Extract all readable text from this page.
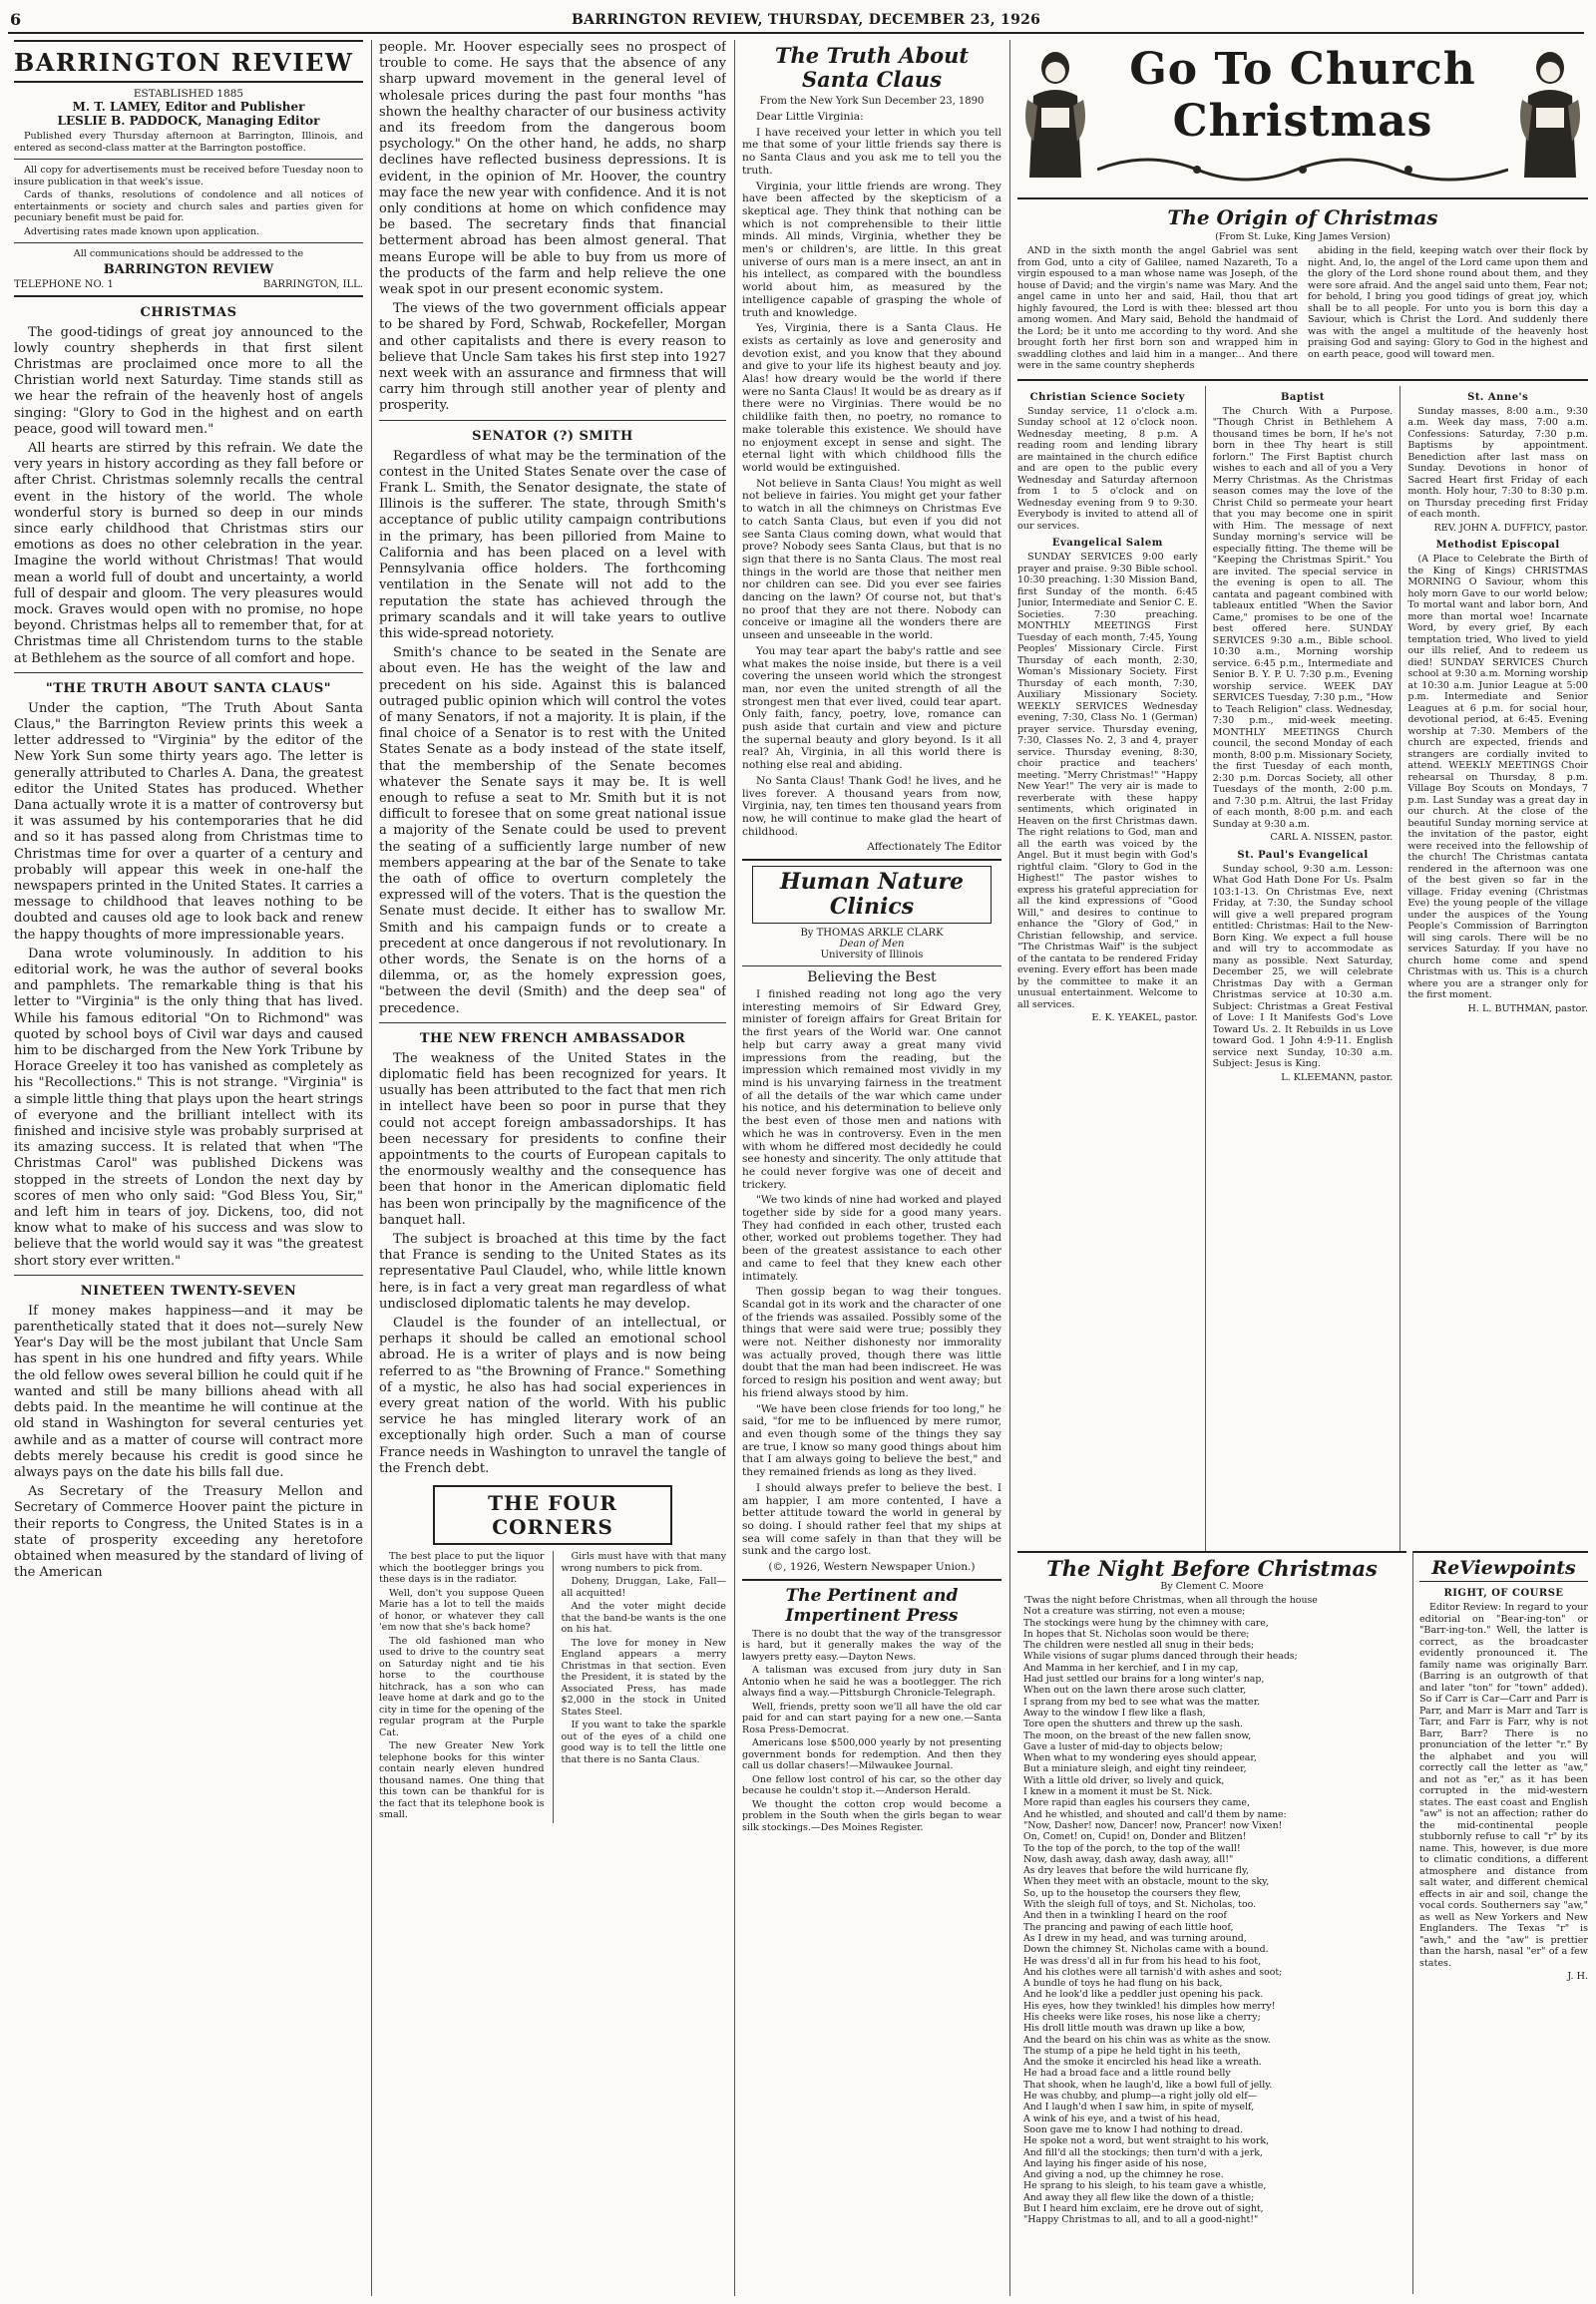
6	BARRINGTON REVIEW, THURSDAY, DECEMBER 23, 1926
BARRINGTON REVIEW
ESTABLISHED 1885
M. T. LAMEY, Editor and Publisher
LESLIE B. PADDOCK, Managing Editor

Published every Thursday afternoon at Barrington, Illinois, and entered as second-class matter at the Barrington postoffice.

All copy for advertisements must be received before Tuesday noon to insure publication in that week's issue.

Cards of thanks, resolutions of condolence and all notices of entertainments or society and church sales and parties given for pecuniary benefit must be paid for.

Advertising rates made known upon application.

All communications should be addressed to the

BARRINGTON REVIEW
TELEPHONE NO. 1	BARRINGTON, ILL.
CHRISTMAS

The good-tidings of great joy announced to the lowly country shepherds in that first silent Christmas are proclaimed once more to all the Christian world next Saturday. Time stands still as we hear the refrain of the heavenly host of angels singing: "Glory to God in the highest and on earth peace, good will toward men."

All hearts are stirred by this refrain. We date the very years in history according as they fall before or after Christ. Christmas solemnly recalls the central event in the history of the world. The whole wonderful story is burned so deep in our minds since early childhood that Christmas stirs our emotions as does no other celebration in the year. Imagine the world without Christmas! That would mean a world full of doubt and uncertainty, a world full of despair and gloom. The very pleasures would mock. Graves would open with no promise, no hope beyond. Christmas helps all to remember that, for at Christmas time all Christendom turns to the stable at Bethlehem as the source of all comfort and hope.

"THE TRUTH ABOUT SANTA CLAUS"

Under the caption, "The Truth About Santa Claus," the Barrington Review prints this week a letter addressed to "Virginia" by the editor of the New York Sun some thirty years ago. The letter is generally attributed to Charles A. Dana, the greatest editor the United States has produced. Whether Dana actually wrote it is a matter of controversy but it was assumed by his contemporaries that he did and so it has passed along from Christmas time to Christmas time for over a quarter of a century and probably will appear this week in one-half the newspapers printed in the United States. It carries a message to childhood that leaves nothing to be doubted and causes old age to look back and renew the happy thoughts of more impressionable years.

Dana wrote voluminously. In addition to his editorial work, he was the author of several books and pamphlets. The remarkable thing is that his letter to "Virginia" is the only thing that has lived. While his famous editorial "On to Richmond" was quoted by school boys of Civil war days and caused him to be discharged from the New York Tribune by Horace Greeley it too has vanished as completely as his "Recollections." This is not strange. "Virginia" is a simple little thing that plays upon the heart strings of everyone and the brilliant intellect with its finished and incisive style was probably surprised at its amazing success. It is related that when "The Christmas Carol" was published Dickens was stopped in the streets of London the next day by scores of men who only said: "God Bless You, Sir," and left him in tears of joy. Dickens, too, did not know what to make of his success and was slow to believe that the world would say it was "the greatest short story ever written."

NINETEEN TWENTY-SEVEN

If money makes happiness—and it may be parenthetically stated that it does not—surely New Year's Day will be the most jubilant that Uncle Sam has spent in his one hundred and fifty years. While the old fellow owes several billion he could quit if he wanted and still be many billions ahead with all debts paid. In the meantime he will continue at the old stand in Washington for several centuries yet awhile and as a matter of course will contract more debts merely because his credit is good since he always pays on the date his bills fall due.

As Secretary of the Treasury Mellon and Secretary of Commerce Hoover paint the picture in their reports to Congress, the United States is in a state of prosperity exceeding any heretofore obtained when measured by the standard of living of the American

people. Mr. Hoover especially sees no prospect of trouble to come. He says that the absence of any sharp upward movement in the general level of wholesale prices during the past four months "has shown the healthy character of our business activity and its freedom from the dangerous boom psychology." On the other hand, he adds, no sharp declines have reflected business depressions. It is evident, in the opinion of Mr. Hoover, the country may face the new year with confidence. And it is not only conditions at home on which confidence may be based. The secretary finds that financial betterment abroad has been almost general. That means Europe will be able to buy from us more of the products of the farm and help relieve the one weak spot in our present economic system.

The views of the two government officials appear to be shared by Ford, Schwab, Rockefeller, Morgan and other capitalists and there is every reason to believe that Uncle Sam takes his first step into 1927 next week with an assurance and firmness that will carry him through still another year of plenty and prosperity.

SENATOR (?) SMITH

Regardless of what may be the termination of the contest in the United States Senate over the case of Frank L. Smith, the Senator designate, the state of Illinois is the sufferer. The state, through Smith's acceptance of public utility campaign contributions in the primary, has been pilloried from Maine to California and has been placed on a level with Pennsylvania office holders. The forthcoming ventilation in the Senate will not add to the reputation the state has achieved through the primary scandals and it will take years to outlive this wide-spread notoriety.

Smith's chance to be seated in the Senate are about even. He has the weight of the law and precedent on his side. Against this is balanced outraged public opinion which will control the votes of many Senators, if not a majority. It is plain, if the final choice of a Senator is to rest with the United States Senate as a body instead of the state itself, that the membership of the Senate becomes whatever the Senate says it may be. It is well enough to refuse a seat to Mr. Smith but it is not difficult to foresee that on some great national issue a majority of the Senate could be used to prevent the seating of a sufficiently large number of new members appearing at the bar of the Senate to take the oath of office to overturn completely the expressed will of the voters. That is the question the Senate must decide. It either has to swallow Mr. Smith and his campaign funds or to create a precedent at once dangerous if not revolutionary. In other words, the Senate is on the horns of a dilemma, or, as the homely expression goes, "between the devil (Smith) and the deep sea" of precedence.

THE NEW FRENCH AMBASSADOR

The weakness of the United States in the diplomatic field has been recognized for years. It usually has been attributed to the fact that men rich in intellect have been so poor in purse that they could not accept foreign ambassadorships. It has been necessary for presidents to confine their appointments to the courts of European capitals to the enormously wealthy and the consequence has been that honor in the American diplomatic field has been won principally by the magnificence of the banquet hall.

The subject is broached at this time by the fact that France is sending to the United States as its representative Paul Claudel, who, while little known here, is in fact a very great man regardless of what undisclosed diplomatic talents he may develop.

Claudel is the founder of an intellectual, or perhaps it should be called an emotional school abroad. He is a writer of plays and is now being referred to as "the Browning of France." Something of a mystic, he also has had social experiences in every great nation of the world. With his public service he has mingled literary work of an exceptionally high order. Such a man of course France needs in Washington to unravel the tangle of the French debt.

THE FOUR CORNERS

The best place to put the liquor which the bootlegger brings you these days is in the radiator.

Well, don't you suppose Queen Marie has a lot to tell the maids of honor, or whatever they call 'em now that she's back home?

The old fashioned man who used to drive to the country seat on Saturday night and tie his horse to the courthouse hitchrack, has a son who can leave home at dark and go to the city in time for the opening of the regular program at the Purple Cat.

The new Greater New York telephone books for this winter contain nearly eleven hundred thousand names. One thing that this town can be thankful for is the fact that its telephone book is small.

Girls must have with that many wrong numbers to pick from.

Doheny, Druggan, Lake, Fall—all acquitted!

And the voter might decide that the band-be wants is the one on his hat.

The love for money in New England appears a merry Christmas in that section. Even the President, it is stated by the Associated Press, has made $2,000 in the stock in United States Steel.

If you want to take the sparkle out of the eyes of a child one good way is to tell the little one that there is no Santa Claus.

The Truth About Santa Claus
From the New York Sun December 23, 1890

Dear Little Virginia:

I have received your letter in which you tell me that some of your little friends say there is no Santa Claus and you ask me to tell you the truth.

Virginia, your little friends are wrong. They have been affected by the skepticism of a skeptical age. They think that nothing can be which is not comprehensible to their little minds. All minds, Virginia, whether they be men's or children's, are little. In this great universe of ours man is a mere insect, an ant in his intellect, as compared with the boundless world about him, as measured by the intelligence capable of grasping the whole of truth and knowledge.

Yes, Virginia, there is a Santa Claus. He exists as certainly as love and generosity and devotion exist, and you know that they abound and give to your life its highest beauty and joy. Alas! how dreary would be the world if there were no Santa Claus! It would be as dreary as if there were no Virginias. There would be no childlike faith then, no poetry, no romance to make tolerable this existence. We should have no enjoyment except in sense and sight. The eternal light with which childhood fills the world would be extinguished.

Not believe in Santa Claus! You might as well not believe in fairies. You might get your father to watch in all the chimneys on Christmas Eve to catch Santa Claus, but even if you did not see Santa Claus coming down, what would that prove? Nobody sees Santa Claus, but that is no sign that there is no Santa Claus. The most real things in the world are those that neither men nor children can see. Did you ever see fairies dancing on the lawn? Of course not, but that's no proof that they are not there. Nobody can conceive or imagine all the wonders there are unseen and unseeable in the world.

You may tear apart the baby's rattle and see what makes the noise inside, but there is a veil covering the unseen world which the strongest man, nor even the united strength of all the strongest men that ever lived, could tear apart. Only faith, fancy, poetry, love, romance can push aside that curtain and view and picture the supernal beauty and glory beyond. Is it all real? Ah, Virginia, in all this world there is nothing else real and abiding.

No Santa Claus! Thank God! he lives, and he lives forever. A thousand years from now, Virginia, nay, ten times ten thousand years from now, he will continue to make glad the heart of childhood.

Affectionately The Editor

Human Nature Clinics
By THOMAS ARKLE CLARK
Dean of Men
University of Illinois
Believing the Best

I finished reading not long ago the very interesting memoirs of Sir Edward Grey, minister of foreign affairs for Great Britain for the first years of the World war. One cannot help but carry away a great many vivid impressions from the reading, but the impression which remained most vividly in my mind is his unvarying fairness in the treatment of all the details of the war which came under his notice, and his determination to believe only the best even of those men and nations with which he was in controversy. Even in the men with whom he differed most decidedly he could see honesty and sincerity. The only attitude that he could never forgive was one of deceit and trickery.

"We two kinds of nine had worked and played together side by side for a good many years. They had confided in each other, trusted each other, worked out problems together. They had been of the greatest assistance to each other and came to feel that they knew each other intimately.

Then gossip began to wag their tongues. Scandal got in its work and the character of one of the friends was assailed. Possibly some of the things that were said were true; possibly they were not. Neither dishonesty nor immorality was actually proved, though there was little doubt that the man had been indiscreet. He was forced to resign his position and went away; but his friend always stood by him.

"We have been close friends for too long," he said, "for me to be influenced by mere rumor, and even though some of the things they say are true, I know so many good things about him that I am always going to believe the best," and they remained friends as long as they lived.

I should always prefer to believe the best. I am happier, I am more contented, I have a better attitude toward the world in general by so doing. I should rather feel that my ships at sea will come safely in than that they will be sunk and the cargo lost.

(©, 1926, Western Newspaper Union.)

The Pertinent and Impertinent Press

There is no doubt that the way of the transgressor is hard, but it generally makes the way of the lawyers pretty easy.—Dayton News.

A talisman was excused from jury duty in San Antonio when he said he was a bootlegger. The rich always find a way.—Pittsburgh Chronicle-Telegraph.

Well, friends, pretty soon we'll all have the old car paid for and can start paying for a new one.—Santa Rosa Press-Democrat.

Americans lose $500,000 yearly by not presenting government bonds for redemption. And then they call us dollar chasers!—Milwaukee Journal.

One fellow lost control of his car, so the other day because he couldn't stop it.—Anderson Herald.

We thought the cotton crop would become a problem in the South when the girls began to wear silk stockings.—Des Moines Register.

Go To Church Christmas
The Origin of Christmas
(From St. Luke, King James Version)

AND in the sixth month the angel Gabriel was sent from God, unto a city of Galilee, named Nazareth, To a virgin espoused to a man whose name was Joseph, of the house of David; and the virgin's name was Mary. And the angel came in unto her and said, Hail, thou that art highly favoured, the Lord is with thee: blessed art thou among women. And Mary said, Behold the handmaid of the Lord; be it unto me according to thy word. And she brought forth her first born son and wrapped him in swaddling clothes and laid him in a manger... And there were in the same country shepherds

abiding in the field, keeping watch over their flock by night. And, lo, the angel of the Lord came upon them and the glory of the Lord shone round about them, and they were sore afraid. And the angel said unto them, Fear not; for behold, I bring you good tidings of great joy, which shall be to all people. For unto you is born this day a Saviour, which is Christ the Lord. And suddenly there was with the angel a multitude of the heavenly host praising God and saying: Glory to God in the highest and on earth peace, good will toward men.

Christian Science Society

Sunday service, 11 o'clock a.m. Sunday school at 12 o'clock noon. Wednesday meeting, 8 p.m. A reading room and lending library are maintained in the church edifice and are open to the public every Wednesday and Saturday afternoon from 1 to 5 o'clock and on Wednesday evening from 9 to 9:30. Everybody is invited to attend all of our services.

Evangelical Salem

SUNDAY SERVICES 9:00 early prayer and praise. 9:30 Bible school. 10:30 preaching. 1:30 Mission Band, first Sunday of the month. 6:45 Junior, Intermediate and Senior C. E. Societies. 7:30 preaching. MONTHLY MEETINGS First Tuesday of each month, 7:45, Young Peoples' Missionary Circle. First Thursday of each month, 2:30, Woman's Missionary Society. First Thursday of each month, 7:30, Auxiliary Missionary Society. WEEKLY SERVICES Wednesday evening, 7:30, Class No. 1 (German) prayer service. Thursday evening, 7:30, Classes No. 2, 3 and 4, prayer service. Thursday evening, 8:30, choir practice and teachers' meeting. "Merry Christmas!" "Happy New Year!" The very air is made to reverberate with these happy sentiments, which originated in Heaven on the first Christmas dawn. The right relations to God, man and all the earth was voiced by the Angel. But it must begin with God's rightful claim. "Glory to God in the Highest!" The pastor wishes to express his grateful appreciation for all the kind expressions of "Good Will," and desires to continue to enhance the "Glory of God," in Christian fellowship, and service. "The Christmas Waif" is the subject of the cantata to be rendered Friday evening. Every effort has been made by the committee to make it an unusual entertainment. Welcome to all services.

E. K. YEAKEL, pastor.

Baptist

The Church With a Purpose. "Though Christ in Bethlehem A thousand times be born, If he's not born in thee Thy heart is still forlorn." The First Baptist church wishes to each and all of you a Very Merry Christmas. As the Christmas season comes may the love of the Christ Child so permeate your heart that you may become one in spirit with Him. The message of next Sunday morning's service will be especially fitting. The theme will be "Keeping the Christmas Spirit." You are invited. The special service in the evening is open to all. The cantata and pageant combined with tableaux entitled "When the Savior Came," promises to be one of the best offered here. SUNDAY SERVICES 9:30 a.m., Bible school. 10:30 a.m., Morning worship service. 6:45 p.m., Intermediate and Senior B. Y. P. U. 7:30 p.m., Evening worship service. WEEK DAY SERVICES Tuesday, 7:30 p.m., "How to Teach Religion" class. Wednesday, 7:30 p.m., mid-week meeting. MONTHLY MEETINGS Church council, the second Monday of each month, 8:00 p.m. Missionary Society, the first Tuesday of each month, 2:30 p.m. Dorcas Society, all other Tuesdays of the month, 2:00 p.m. and 7:30 p.m. Altrui, the last Friday of each month, 8:00 p.m. and each Sunday at 9:30 a.m.

CARL A. NISSEN, pastor.

St. Paul's Evangelical

Sunday school, 9:30 a.m. Lesson: What God Hath Done For Us. Psalm 103:1-13. On Christmas Eve, next Friday, at 7:30, the Sunday school will give a well prepared program entitled: Christmas: Hail to the New-Born King. We expect a full house and will try to accommodate as many as possible. Next Saturday, December 25, we will celebrate Christmas Day with a German Christmas service at 10:30 a.m. Subject: Christmas a Great Festival of Love: I It Manifests God's Love Toward Us. 2. It Rebuilds in us Love toward God. 1 John 4:9-11. English service next Sunday, 10:30 a.m. Subject: Jesus is King.

L. KLEEMANN, pastor.

St. Anne's

Sunday masses, 8:00 a.m., 9:30 a.m. Week day mass, 7:00 a.m. Confessions: Saturday, 7:30 p.m. Baptisms by appointment. Benediction after last mass on Sunday. Devotions in honor of Sacred Heart first Friday of each month. Holy hour, 7:30 to 8:30 p.m. on Thursday preceding first Friday of each month.

REV. JOHN A. DUFFICY, pastor.

Methodist Episcopal

(A Place to Celebrate the Birth of the King of Kings) CHRISTMAS MORNING O Saviour, whom this holy morn Gave to our world below; To mortal want and labor born, And more than mortal woe! Incarnate Word, by every grief, By each temptation tried, Who lived to yield our ills relief, And to redeem us died! SUNDAY SERVICES Church school at 9:30 a.m. Morning worship at 10:30 a.m. Junior League at 5:00 p.m. Intermediate and Senior Leagues at 6 p.m. for social hour, devotional period, at 6:45. Evening worship at 7:30. Members of the church are expected, friends and strangers are cordially invited to attend. WEEKLY MEETINGS Choir rehearsal on Thursday, 8 p.m. Village Boy Scouts on Mondays, 7 p.m. Last Sunday was a great day in our church. At the close of the beautiful Sunday morning service at the invitation of the pastor, eight were received into the fellowship of the church! The Christmas cantata rendered in the afternoon was one of the best given so far in the village. Friday evening (Christmas Eve) the young people of the village under the auspices of the Young People's Commission of Barrington will sing carols. There will be no services Saturday. If you have no church home come and spend Christmas with us. This is a church where you are a stranger only for the first moment.

H. L. BUTHMAN, pastor.

The Night Before Christmas
By Clement C. Moore

'Twas the night before Christmas, when all through the house

Not a creature was stirring, not even a mouse;

The stockings were hung by the chimney with care,

In hopes that St. Nicholas soon would be there;

The children were nestled all snug in their beds;

While visions of sugar plums danced through their heads;

And Mamma in her kerchief, and I in my cap,

Had just settled our brains for a long winter's nap,

When out on the lawn there arose such clatter,

I sprang from my bed to see what was the matter.

Away to the window I flew like a flash,

Tore open the shutters and threw up the sash.

The moon, on the breast of the new fallen snow,

Gave a luster of mid-day to objects below;

When what to my wondering eyes should appear,

But a miniature sleigh, and eight tiny reindeer,

With a little old driver, so lively and quick,

I knew in a moment it must be St. Nick.

More rapid than eagles his coursers they came,

And he whistled, and shouted and call'd them by name:

"Now, Dasher! now, Dancer! now, Prancer! now Vixen!

On, Comet! on, Cupid! on, Donder and Blitzen!

To the top of the porch, to the top of the wall!

Now, dash away, dash away, dash away, all!"

As dry leaves that before the wild hurricane fly,

When they meet with an obstacle, mount to the sky,

So, up to the housetop the coursers they flew,

With the sleigh full of toys, and St. Nicholas, too.

And then in a twinkling I heard on the roof

The prancing and pawing of each little hoof,

As I drew in my head, and was turning around,

Down the chimney St. Nicholas came with a bound.

He was dress'd all in fur from his head to his foot,

And his clothes were all tarnish'd with ashes and soot;

A bundle of toys he had flung on his back,

And he look'd like a peddler just opening his pack.

His eyes, how they twinkled! his dimples how merry!

His cheeks were like roses, his nose like a cherry;

His droll little mouth was drawn up like a bow,

And the beard on his chin was as white as the snow.

The stump of a pipe he held tight in his teeth,

And the smoke it encircled his head like a wreath.

He had a broad face and a little round belly

That shook, when he laugh'd, like a bowl full of jelly.

He was chubby, and plump—a right jolly old elf—

And I laugh'd when I saw him, in spite of myself,

A wink of his eye, and a twist of his head,

Soon gave me to know I had nothing to dread.

He spoke not a word, but went straight to his work,

And fill'd all the stockings; then turn'd with a jerk,

And laying his finger aside of his nose,

And giving a nod, up the chimney he rose.

He sprang to his sleigh, to his team gave a whistle,

And away they all flew like the down of a thistle;

But I heard him exclaim, ere he drove out of sight,

"Happy Christmas to all, and to all a good-night!"

ReViewpoints
RIGHT, OF COURSE

Editor Review: In regard to your editorial on "Bear-ing-ton" or "Barr-ing-ton." Well, the latter is correct, as the broadcaster evidently pronounced it. The family name was originally Barr. (Barring is an outgrowth of that and later "ton" for "town" added). So if Carr is Car—Carr and Parr is Parr, and Marr is Marr and Tarr is Tarr, and Farr is Farr, why is not Barr, Barr? There is no pronunciation of the letter "r." By the alphabet and you will correctly call the letter as "aw," and not as "er," as it has been corrupted in the mid-western states. The east coast and English "aw" is not an affection; rather do the mid-continental people stubbornly refuse to call "r" by its name. This, however, is due more to climatic conditions, a different atmosphere and distance from salt water, and different chemical effects in air and soil, change the vocal cords. Southerners say "aw," as well as New Yorkers and New Englanders. The Texas "r" is "awh," and the "aw" is prettier than the harsh, nasal "er" of a few states.

J. H.
